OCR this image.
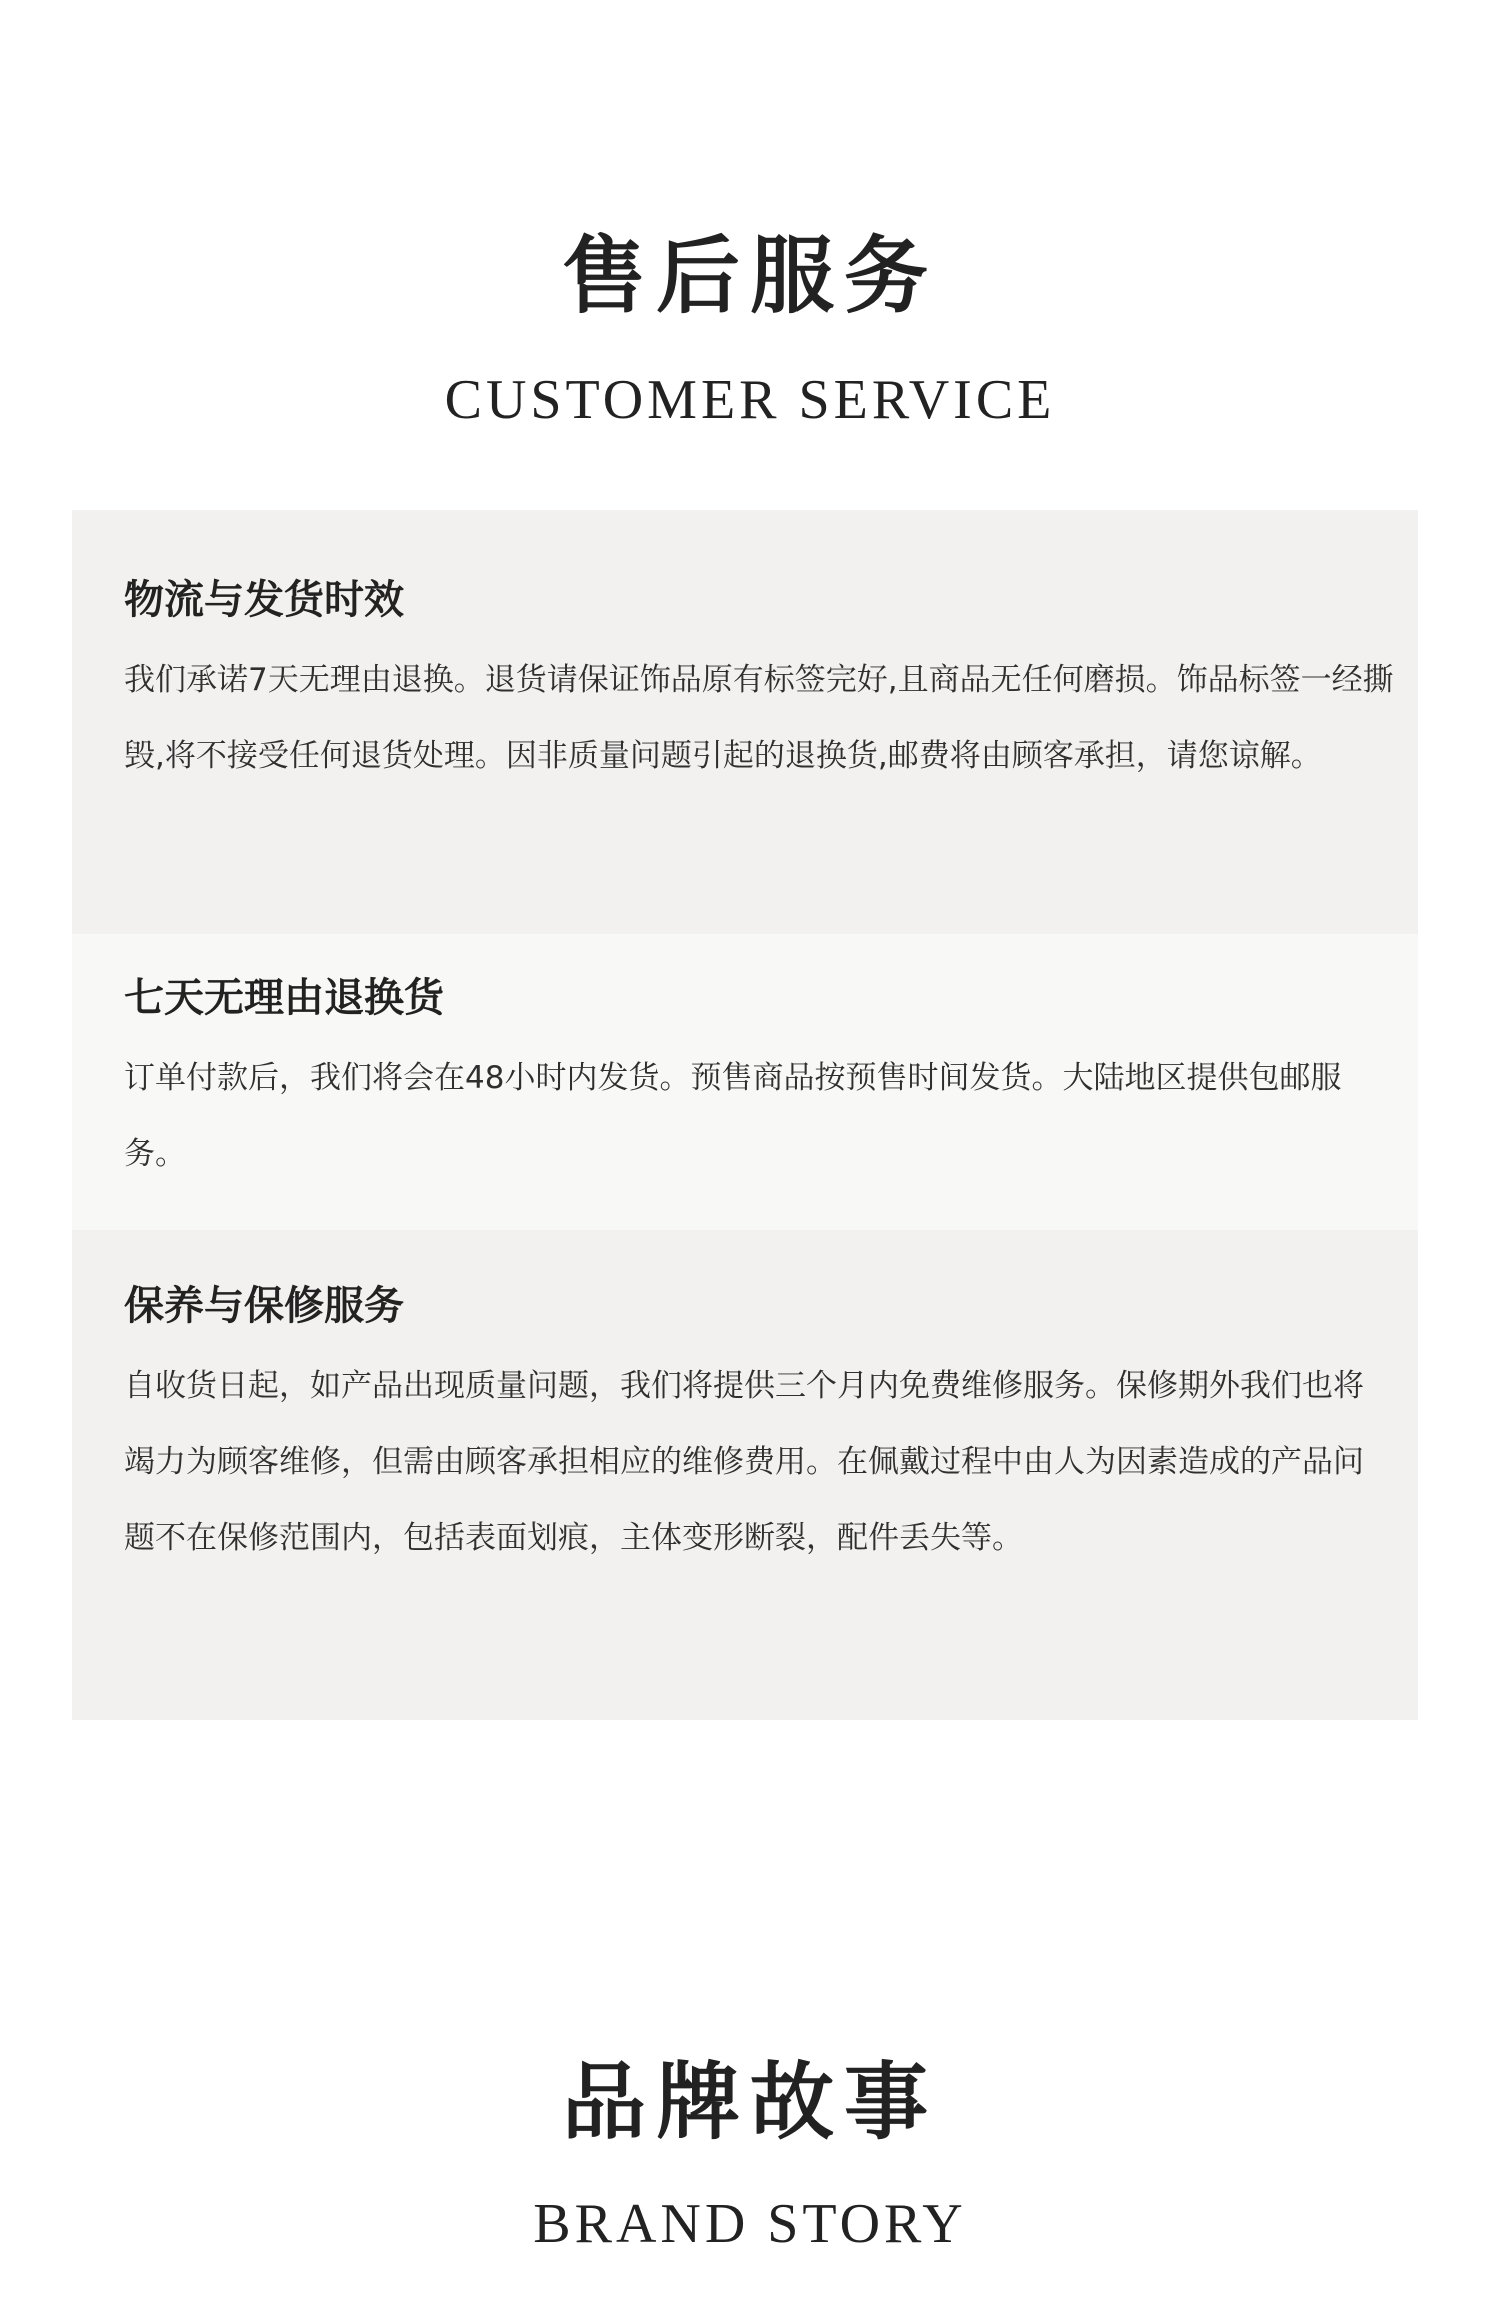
售后服务
CUSTOMER SERVICE
物流与发货时效

我们承诺7天无理由退换。退货请保证饰品原有标签完好,且商品无任何磨损。饰品标签一经撕毁,将不接受任何退货处理。因非质量问题引起的退换货,邮费将由顾客承担，请您谅解。

七天无理由退换货

订单付款后，我们将会在48小时内发货。预售商品按预售时间发货。大陆地区提供包邮服务。

保养与保修服务

自收货日起，如产品出现质量问题，我们将提供三个月内免费维修服务。保修期外我们也将竭力为顾客维修，但需由顾客承担相应的维修费用。在佩戴过程中由人为因素造成的产品问题不在保修范围内，包括表面划痕，主体变形断裂，配件丢失等。

品牌故事
BRAND STORY
